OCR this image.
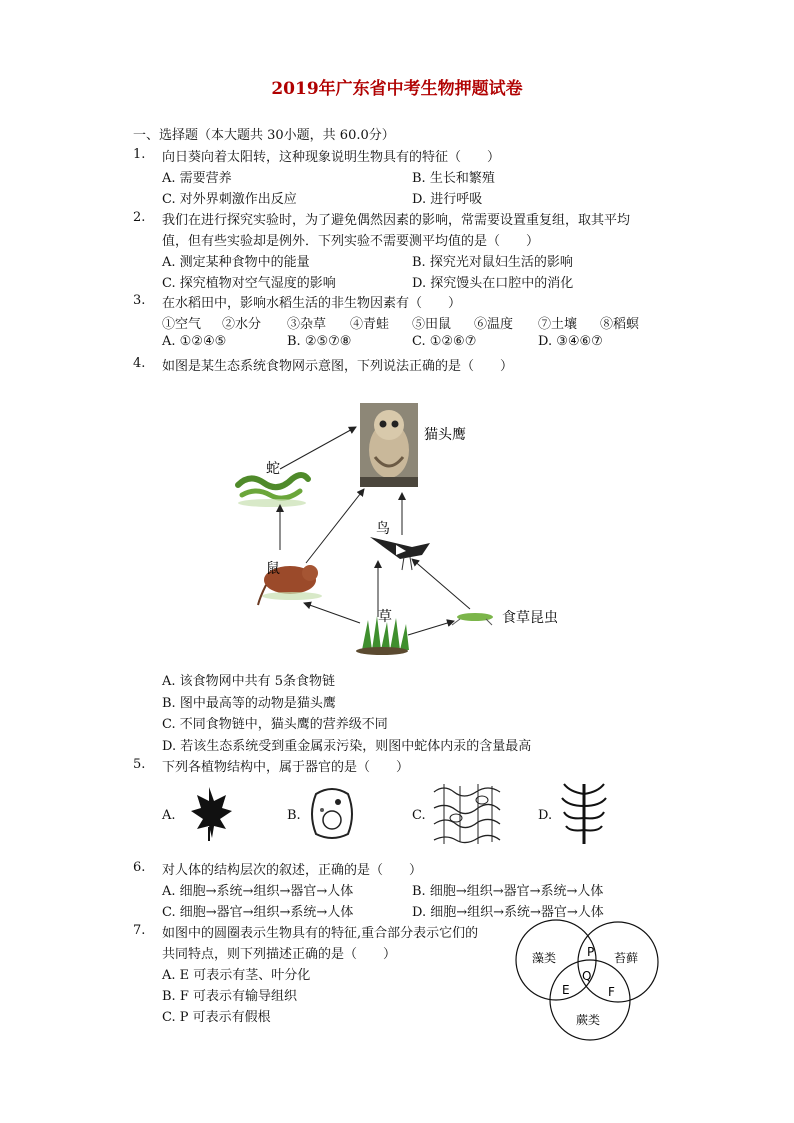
2019年广东省中考生物押题试卷
一、选择题（本大题共 30小题，共 60.0分）
1. 向日葵向着太阳转，这种现象说明生物具有的特征（　　）
A. 需要营养	B. 生长和繁殖
C. 对外界刺激作出反应	D. 进行呼吸
2. 我们在进行探究实验时，为了避免偶然因素的影响，常需要设置重复组，取其平均
值，但有些实验却是例外．下列实验不需要测平均值的是（　　）
A. 测定某种食物中的能量	B. 探究光对鼠妇生活的影响
C. 探究植物对空气湿度的影响	D. 探究馒头在口腔中的消化
3. 在水稻田中，影响水稻生活的非生物因素有（　　）
①空气 ②水分 ③杂草 ④青蛙 ⑤田鼠 ⑥温度 ⑦土壤 ⑧稻螟
A. ①②④⑤	B. ②⑤⑦⑧	C. ①②⑥⑦	D. ③④⑥⑦
4. 如图是某生态系统食物网示意图，下列说法正确的是（　　）
猫头鹰
蛇
鸟
鼠
草	食草昆虫
A. 该食物网中共有 5条食物链
B. 图中最高等的动物是猫头鹰
C. 不同食物链中，猫头鹰的营养级不同
D. 若该生态系统受到重金属汞污染，则图中蛇体内汞的含量最高
5. 下列各植物结构中，属于器官的是（　　）
A.	B.	C.	D.
6. 对人体的结构层次的叙述，正确的是（　　）
A. 细胞→系统→组织→器官→人体	B. 细胞→组织→器官→系统→人体
C. 细胞→器官→组织→系统→人体	D. 细胞→组织→系统→器官→人体
7. 如图中的圆圈表示生物具有的特征,重合部分表示它们的
共同特点，则下列描述正确的是（　　）
A. E 可表示有茎、叶分化
B. F 可表示有输导组织
C. P 可表示有假根
藻类	苔藓
蕨类
P
Q
E	F
